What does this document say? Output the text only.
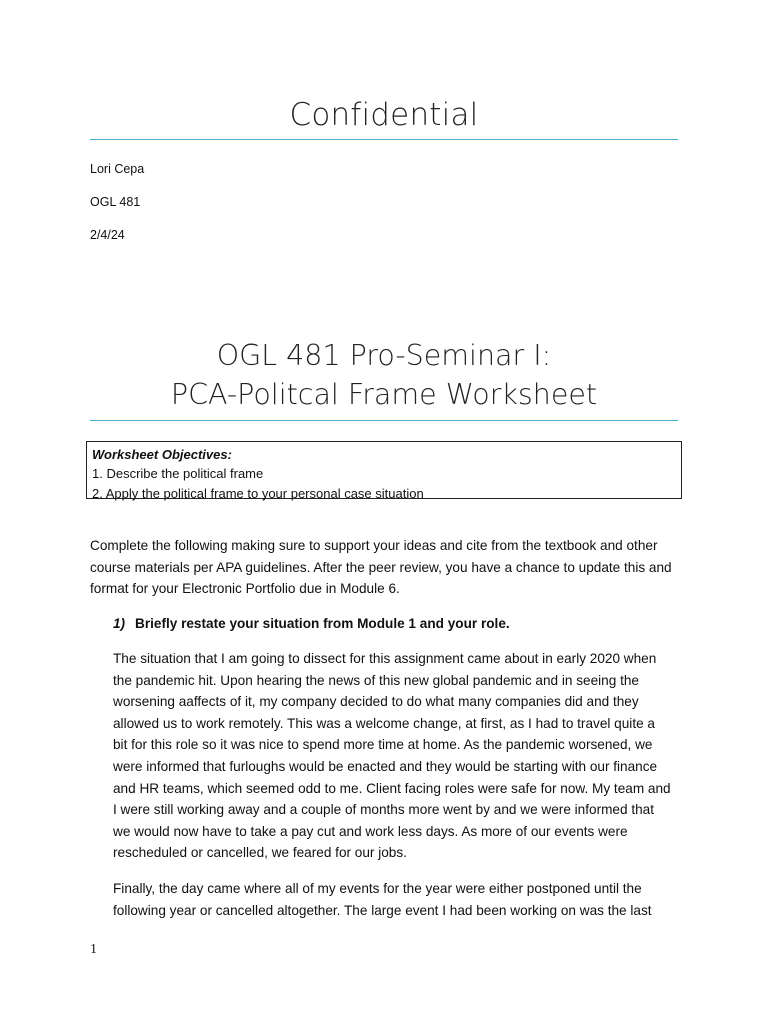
Confidential
Lori Cepa
OGL 481
2/4/24
OGL 481 Pro-Seminar I:
PCA-Politcal Frame Worksheet
Worksheet Objectives:
1. Describe the political frame
2. Apply the political frame to your personal case situation
Complete the following making sure to support your ideas and cite from the textbook and other course materials per APA guidelines. After the peer review, you have a chance to update this and format for your Electronic Portfolio due in Module 6.
1) Briefly restate your situation from Module 1 and your role.
The situation that I am going to dissect for this assignment came about in early 2020 when the pandemic hit. Upon hearing the news of this new global pandemic and in seeing the worsening aaffects of it, my company decided to do what many companies did and they allowed us to work remotely. This was a welcome change, at first, as I had to travel quite a bit for this role so it was nice to spend more time at home. As the pandemic worsened, we were informed that furloughs would be enacted and they would be starting with our finance and HR teams, which seemed odd to me. Client facing roles were safe for now. My team and I were still working away and a couple of months more went by and we were informed that we would now have to take a pay cut and work less days. As more of our events were rescheduled or cancelled, we feared for our jobs.
Finally, the day came where all of my events for the year were either postponed until the following year or cancelled altogether. The large event I had been working on was the last
1
